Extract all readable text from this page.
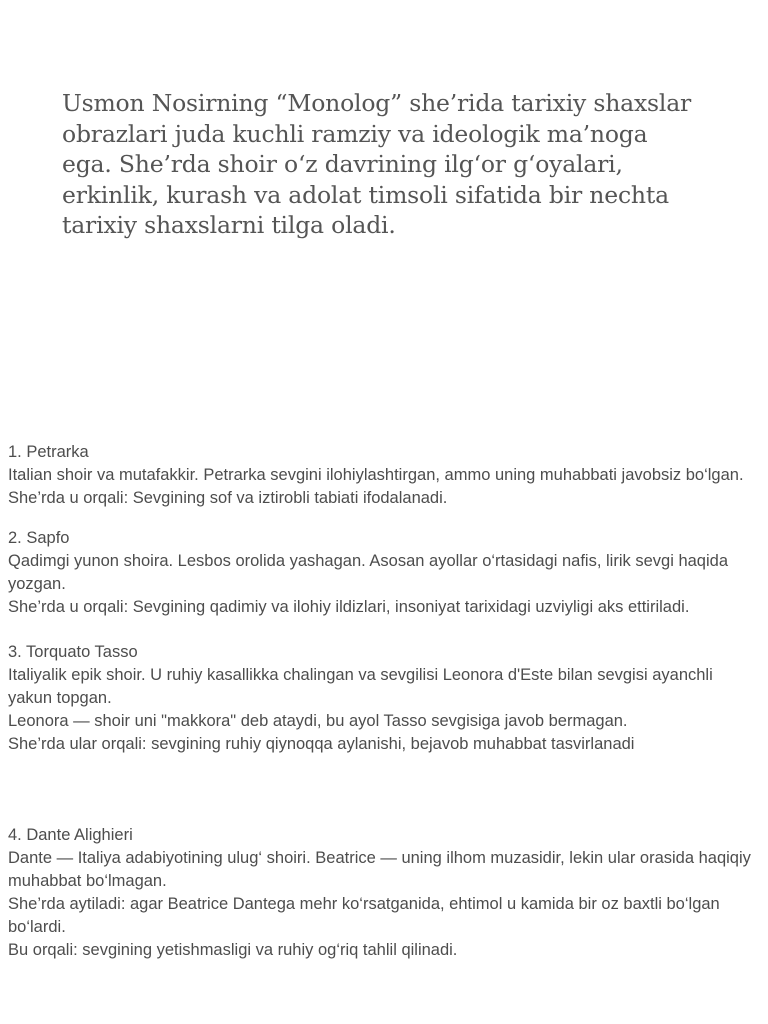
Usmon Nosirning “Monolog” she’rida tarixiy shaxslar obrazlari juda kuchli ramziy va ideologik ma’noga ega. She’rda shoir o‘z davrining ilg‘or g‘oyalari, erkinlik, kurash va adolat timsoli sifatida bir nechta tarixiy shaxslarni tilga oladi.

1. Petrarka

Italian shoir va mutafakkir. Petrarka sevgini ilohiylashtirgan, ammo uning muhabbati javobsiz bo‘lgan.

She’rda u orqali: Sevgining sof va iztirobli tabiati ifodalanadi.

2. Sapfo

Qadimgi yunon shoira. Lesbos orolida yashagan. Asosan ayollar o‘rtasidagi nafis, lirik sevgi haqida yozgan.

She’rda u orqali: Sevgining qadimiy va ilohiy ildizlari, insoniyat tarixidagi uzviyligi aks ettiriladi.

3. Torquato Tasso

Italiyalik epik shoir. U ruhiy kasallikka chalingan va sevgilisi Leonora d'Este bilan sevgisi ayanchli yakun topgan.

Leonora — shoir uni "makkora" deb ataydi, bu ayol Tasso sevgisiga javob bermagan.

She’rda ular orqali: sevgining ruhiy qiynoqqa aylanishi, bejavob muhabbat tasvirlanadi

4. Dante Alighieri

Dante — Italiya adabiyotining ulug‘ shoiri. Beatrice — uning ilhom muzasidir, lekin ular orasida haqiqiy muhabbat bo‘lmagan.

She’rda aytiladi: agar Beatrice Dantega mehr ko‘rsatganida, ehtimol u kamida bir oz baxtli bo‘lgan bo‘lardi.

Bu orqali: sevgining yetishmasligi va ruhiy og‘riq tahlil qilinadi.
